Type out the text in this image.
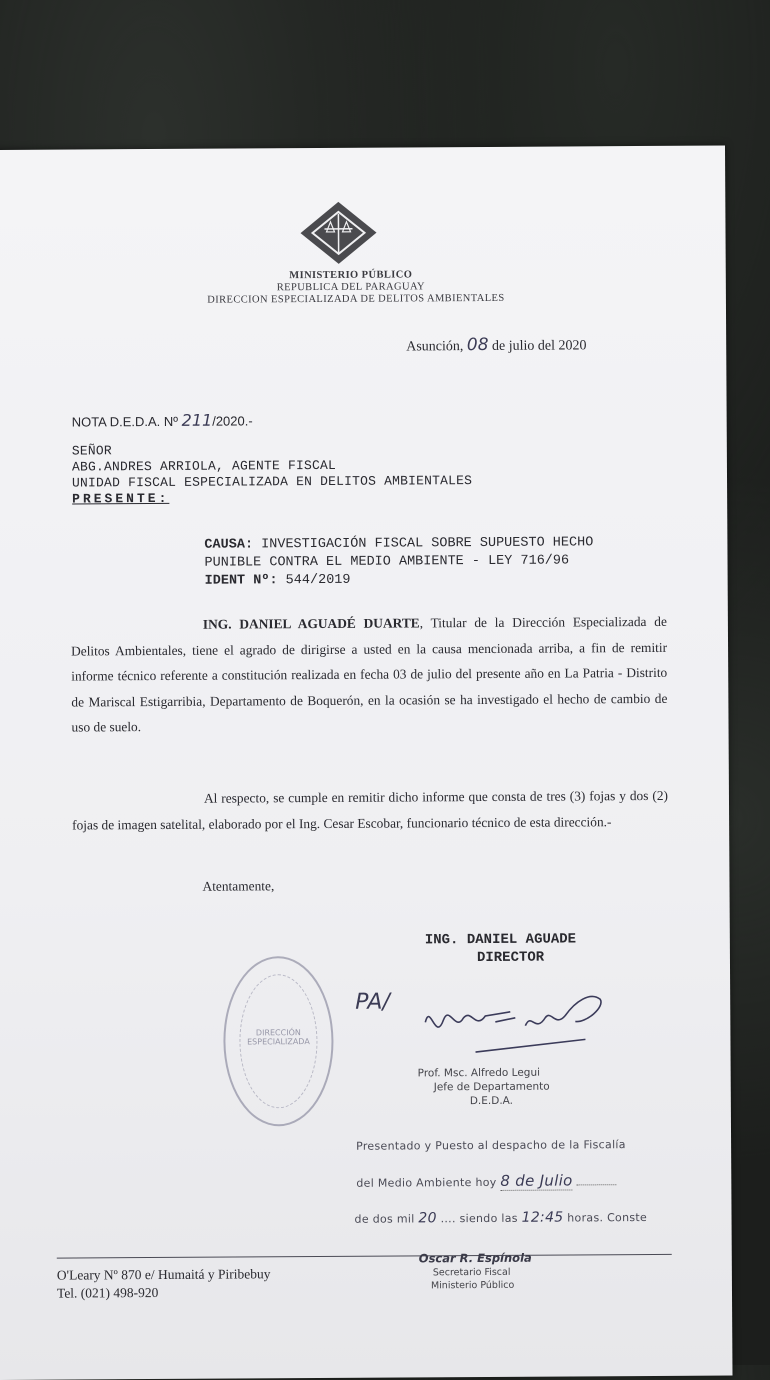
MINISTERIO PÚBLICO
REPUBLICA DEL PARAGUAY
DIRECCION ESPECIALIZADA DE DELITOS AMBIENTALES
Asunción, 08 de julio del 2020
NOTA D.E.D.A. Nº 211/2020.-
SEÑOR
ABG.ANDRES ARRIOLA, AGENTE FISCAL
UNIDAD FISCAL ESPECIALIZADA EN DELITOS AMBIENTALES
PRESENTE:
CAUSA: INVESTIGACIÓN FISCAL SOBRE SUPUESTO HECHO
PUNIBLE CONTRA EL MEDIO AMBIENTE - LEY 716/96
IDENT Nº: 544/2019
ING. DANIEL AGUADÉ DUARTE, Titular de la Dirección Especializada de Delitos Ambientales, tiene el agrado de dirigirse a usted en la causa mencionada arriba, a fin de remitir informe técnico referente a constitución realizada en fecha 03 de julio del presente año en La Patria - Distrito de Mariscal Estigarribia, Departamento de Boquerón, en la ocasión se ha investigado el hecho de cambio de uso de suelo.
Al respecto, se cumple en remitir dicho informe que consta de tres (3) fojas y dos (2) fojas de imagen satelital, elaborado por el Ing. Cesar Escobar, funcionario técnico de esta dirección.-
Atentamente,
ING. DANIEL AGUADE
DIRECTOR
DIRECCIÓN ESPECIALIZADA
PA/
Prof. Msc. Alfredo Legui
Jefe de Departamento
D.E.D.A.
Presentado y Puesto al despacho de la Fiscalía
del Medio Ambiente hoy 8 de Julio
de dos mil 20 .... siendo las 12:45 horas. Conste
Oscar R. Espínola
Secretario Fiscal
Ministerio Público
O'Leary Nº 870 e/ Humaitá y Piribebuy
Tel. (021) 498-920
